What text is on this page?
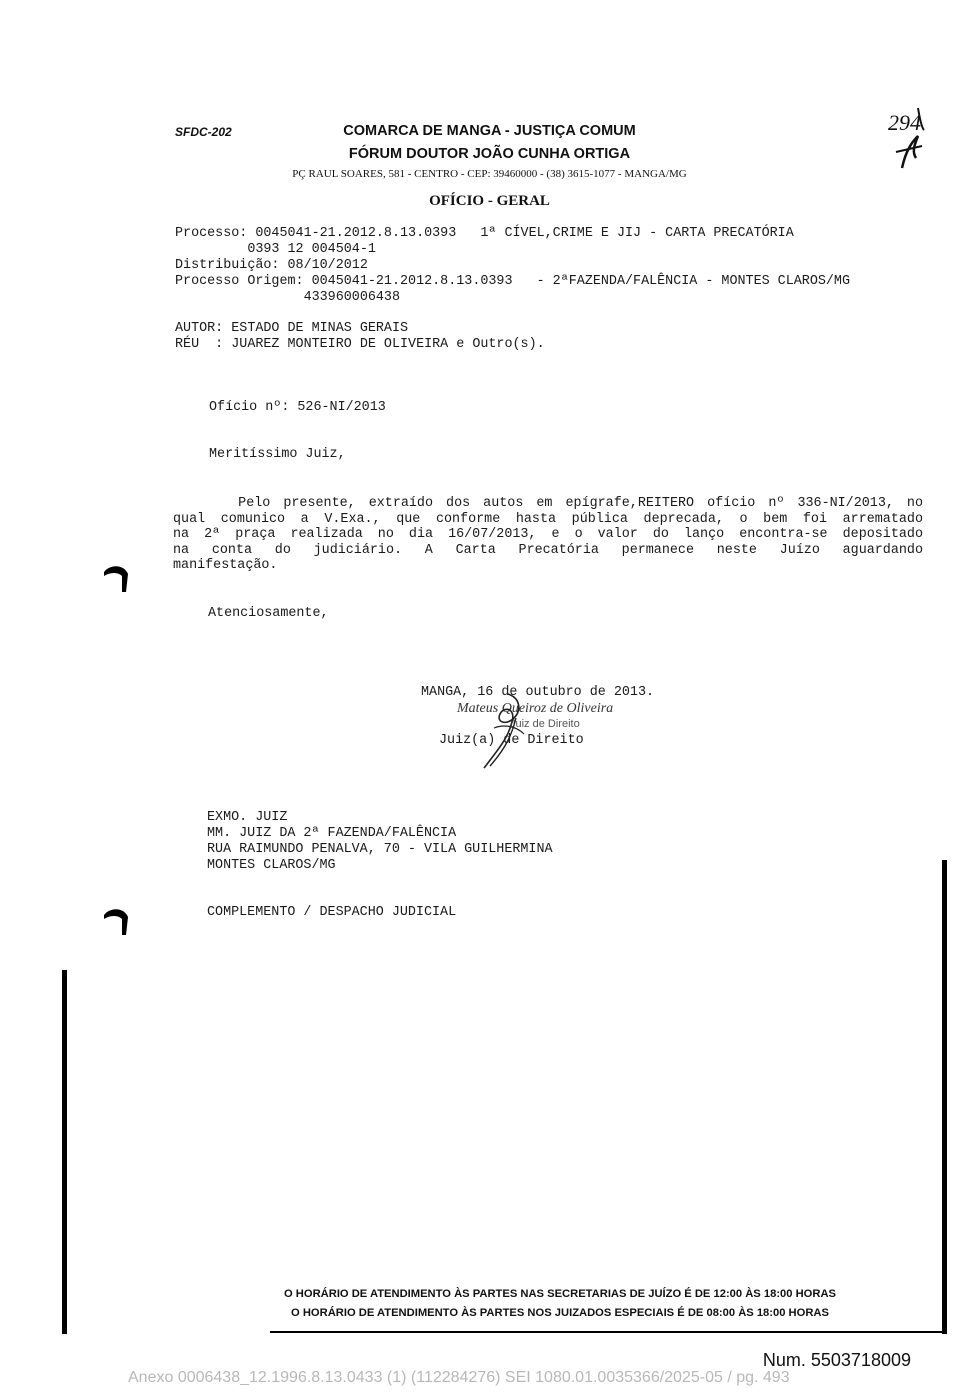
SFDC-202	COMARCA DE MANGA - JUSTIÇA COMUM
FÓRUM DOUTOR JOÃO CUNHA ORTIGA
PÇ RAUL SOARES, 581 - CENTRO - CEP: 39460000 - (38) 3615-1077 - MANGA/MG
OFÍCIO - GERAL
294
Processo: 0045041-21.2012.8.13.0393   1ª CÍVEL,CRIME E JIJ - CARTA PRECATÓRIA
0393 12 004504-1
Distribuição: 08/10/2012
Processo Origem: 0045041-21.2012.8.13.0393   - 2ªFAZENDA/FALÊNCIA - MONTES CLAROS/MG
433960006438
AUTOR: ESTADO DE MINAS GERAIS
RÉU  : JUAREZ MONTEIRO DE OLIVEIRA e Outro(s).
Ofício nº: 526-NI/2013
Meritíssimo Juiz,
Pelo presente, extraído dos autos em epígrafe,REITERO ofício nº 336-NI/2013, no
qual comunico a V.Exa., que conforme hasta pública deprecada, o bem foi arrematado
na 2ª praça realizada no dia 16/07/2013, e o valor do lanço encontra-se depositado
na conta do judiciário. A Carta Precatória permanece neste Juízo aguardando
manifestação.
Atenciosamente,
MANGA, 16 de outubro de 2013.
Mateus Queiroz de Oliveira
Juiz de Direito
Juiz(a) de Direito
EXMO. JUIZ
MM. JUIZ DA 2ª FAZENDA/FALÊNCIA
RUA RAIMUNDO PENALVA, 70 - VILA GUILHERMINA
MONTES CLAROS/MG
COMPLEMENTO / DESPACHO JUDICIAL
O HORÁRIO DE ATENDIMENTO ÀS PARTES NAS SECRETARIAS DE JUÍZO É DE 12:00 ÀS 18:00 HORAS
O HORÁRIO DE ATENDIMENTO ÀS PARTES NOS JUIZADOS ESPECIAIS É DE 08:00 ÀS 18:00 HORAS
Num. 5503718009
Anexo 0006438_12.1996.8.13.0433 (1) (112284276) SEI 1080.01.0035366/2025-05 / pg. 493
